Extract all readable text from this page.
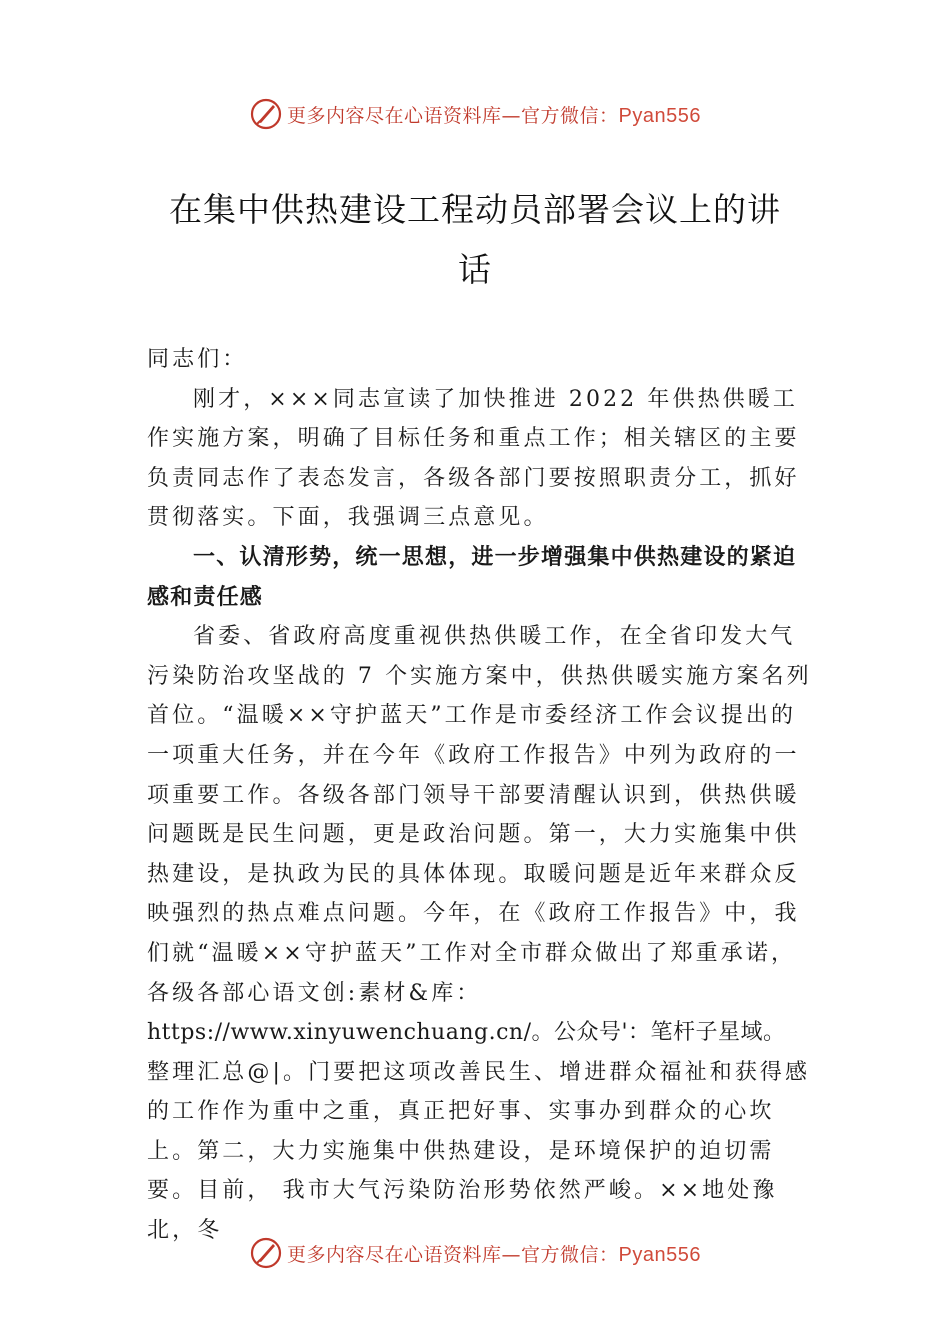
更多内容尽在心语资料库—官方微信：Pyan556
在集中供热建设工程动员部署会议上的讲
话

同志们：

刚才，×××同志宣读了加快推进 2022 年供热供暖工作实施方案，明确了目标任务和重点工作；相关辖区的主要负责同志作了表态发言，各级各部门要按照职责分工，抓好贯彻落实。下面，我强调三点意见。

一、认清形势，统一思想，进一步增强集中供热建设的紧迫感和责任感

省委、省政府高度重视供热供暖工作，在全省印发大气污染防治攻坚战的 7 个实施方案中，供热供暖实施方案名列首位。“温暖××守护蓝天”工作是市委经济工作会议提出的一项重大任务，并在今年《政府工作报告》中列为政府的一项重要工作。各级各部门领导干部要清醒认识到，供热供暖问题既是民生问题，更是政治问题。第一，大力实施集中供热建设，是执政为民的具体体现。取暖问题是近年来群众反映强烈的热点难点问题。今年，在《政府工作报告》中，我们就“温暖××守护蓝天”工作对全市群众做出了郑重承诺， 各级各部心语文创:素材&库：

https://www.xinyuwenchuang.cn/。公众号'：笔杆子星域。

整理汇总@|。门要把这项改善民生、增进群众福祉和获得感的工作作为重中之重，真正把好事、实事办到群众的心坎上。第二，大力实施集中供热建设，是环境保护的迫切需要。目前， 我市大气污染防治形势依然严峻。××地处豫北，冬

更多内容尽在心语资料库—官方微信：Pyan556
